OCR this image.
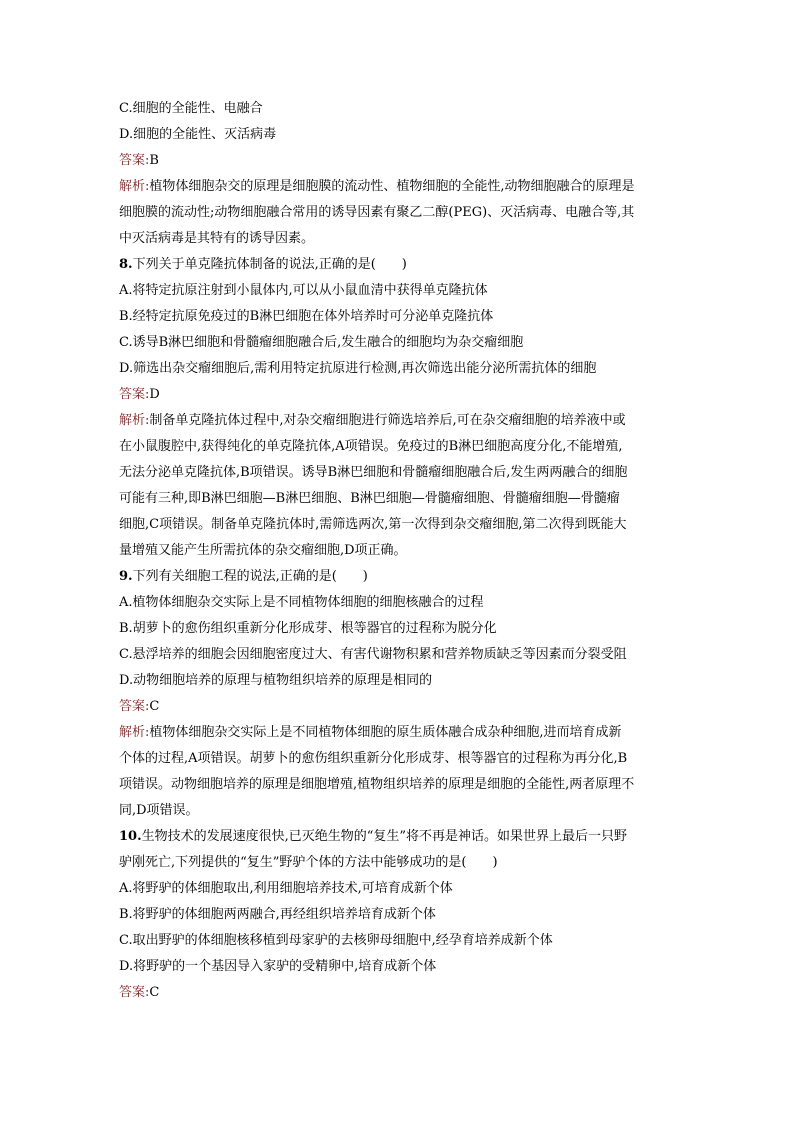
C.细胞的全能性、电融合
D.细胞的全能性、灭活病毒
答案:B
解析:植物体细胞杂交的原理是细胞膜的流动性、植物细胞的全能性,动物细胞融合的原理是
细胞膜的流动性;动物细胞融合常用的诱导因素有聚乙二醇(PEG)、灭活病毒、电融合等,其
中灭活病毒是其特有的诱导因素。
8.下列关于单克隆抗体制备的说法,正确的是(　　)
A.将特定抗原注射到小鼠体内,可以从小鼠血清中获得单克隆抗体
B.经特定抗原免疫过的B淋巴细胞在体外培养时可分泌单克隆抗体
C.诱导B淋巴细胞和骨髓瘤细胞融合后,发生融合的细胞均为杂交瘤细胞
D.筛选出杂交瘤细胞后,需利用特定抗原进行检测,再次筛选出能分泌所需抗体的细胞
答案:D
解析:制备单克隆抗体过程中,对杂交瘤细胞进行筛选培养后,可在杂交瘤细胞的培养液中或
在小鼠腹腔中,获得纯化的单克隆抗体,A项错误。免疫过的B淋巴细胞高度分化,不能增殖,
无法分泌单克隆抗体,B项错误。诱导B淋巴细胞和骨髓瘤细胞融合后,发生两两融合的细胞
可能有三种,即B淋巴细胞—B淋巴细胞、B淋巴细胞—骨髓瘤细胞、骨髓瘤细胞—骨髓瘤
细胞,C项错误。制备单克隆抗体时,需筛选两次,第一次得到杂交瘤细胞,第二次得到既能大
量增殖又能产生所需抗体的杂交瘤细胞,D项正确。
9.下列有关细胞工程的说法,正确的是(　　)
A.植物体细胞杂交实际上是不同植物体细胞的细胞核融合的过程
B.胡萝卜的愈伤组织重新分化形成芽、根等器官的过程称为脱分化
C.悬浮培养的细胞会因细胞密度过大、有害代谢物积累和营养物质缺乏等因素而分裂受阻
D.动物细胞培养的原理与植物组织培养的原理是相同的
答案:C
解析:植物体细胞杂交实际上是不同植物体细胞的原生质体融合成杂种细胞,进而培育成新
个体的过程,A项错误。胡萝卜的愈伤组织重新分化形成芽、根等器官的过程称为再分化,B
项错误。动物细胞培养的原理是细胞增殖,植物组织培养的原理是细胞的全能性,两者原理不
同,D项错误。
10.生物技术的发展速度很快,已灭绝生物的“复生”将不再是神话。如果世界上最后一只野
驴刚死亡,下列提供的“复生”野驴个体的方法中能够成功的是(　　)
A.将野驴的体细胞取出,利用细胞培养技术,可培育成新个体
B.将野驴的体细胞两两融合,再经组织培养培育成新个体
C.取出野驴的体细胞核移植到母家驴的去核卵母细胞中,经孕育培养成新个体
D.将野驴的一个基因导入家驴的受精卵中,培育成新个体
答案:C
